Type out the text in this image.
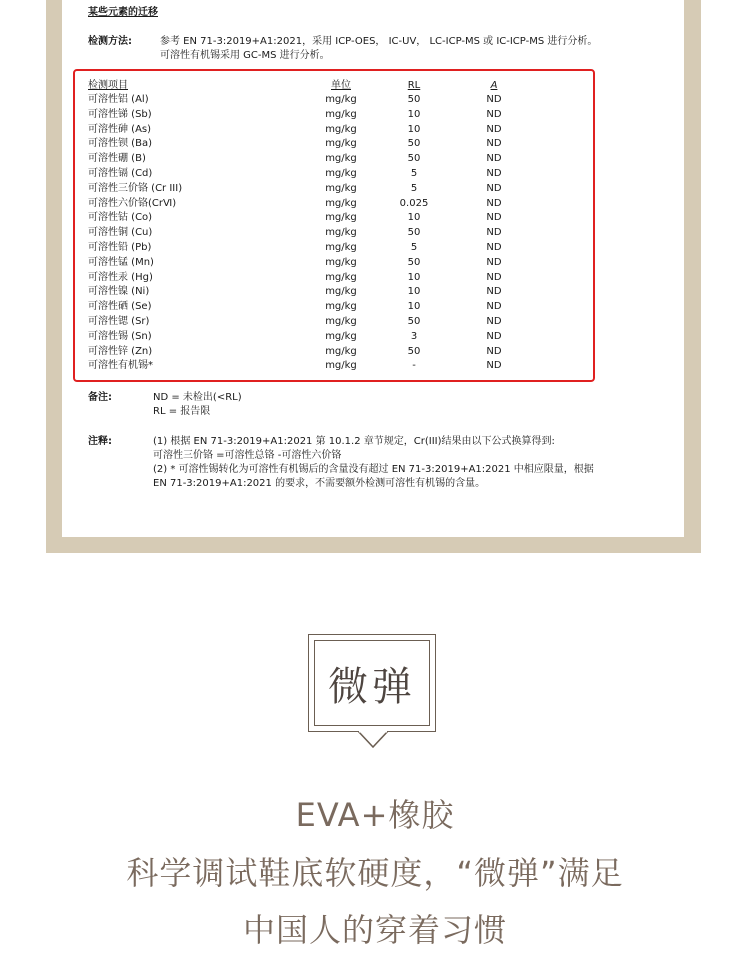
某些元素的迁移
检测方法:	参考 EN 71-3:2019+A1:2021，采用 ICP-OES， IC-UV， LC-ICP-MS 或 IC-ICP-MS 进行分析。
可溶性有机锡采用 GC-MS 进行分析。
检测项目	单位	RL	A
可溶性铝 (Al)	mg/kg	50	ND
可溶性锑 (Sb)	mg/kg	10	ND
可溶性砷 (As)	mg/kg	10	ND
可溶性钡 (Ba)	mg/kg	50	ND
可溶性硼 (B)	mg/kg	50	ND
可溶性镉 (Cd)	mg/kg	5	ND
可溶性三价铬 (Cr III)	mg/kg	5	ND
可溶性六价铬(CrⅥ)	mg/kg	0.025	ND
可溶性钴 (Co)	mg/kg	10	ND
可溶性铜 (Cu)	mg/kg	50	ND
可溶性铅 (Pb)	mg/kg	5	ND
可溶性锰 (Mn)	mg/kg	50	ND
可溶性汞 (Hg)	mg/kg	10	ND
可溶性镍 (Ni)	mg/kg	10	ND
可溶性硒 (Se)	mg/kg	10	ND
可溶性锶 (Sr)	mg/kg	50	ND
可溶性锡 (Sn)	mg/kg	3	ND
可溶性锌 (Zn)	mg/kg	50	ND
可溶性有机锡*	mg/kg	-	ND
备注:	ND = 未检出(<RL)
RL = 报告限
注释:	(1) 根据 EN 71-3:2019+A1:2021 第 10.1.2 章节规定，Cr(III)结果由以下公式换算得到:
可溶性三价铬 =可溶性总铬 -可溶性六价铬
(2) * 可溶性锡转化为可溶性有机锡后的含量没有超过 EN 71-3:2019+A1:2021 中相应限量，根据
EN 71-3:2019+A1:2021 的要求，不需要额外检测可溶性有机锡的含量。
微弹
EVA+橡胶
科学调试鞋底软硬度，“微弹”满足
中国人的穿着习惯
